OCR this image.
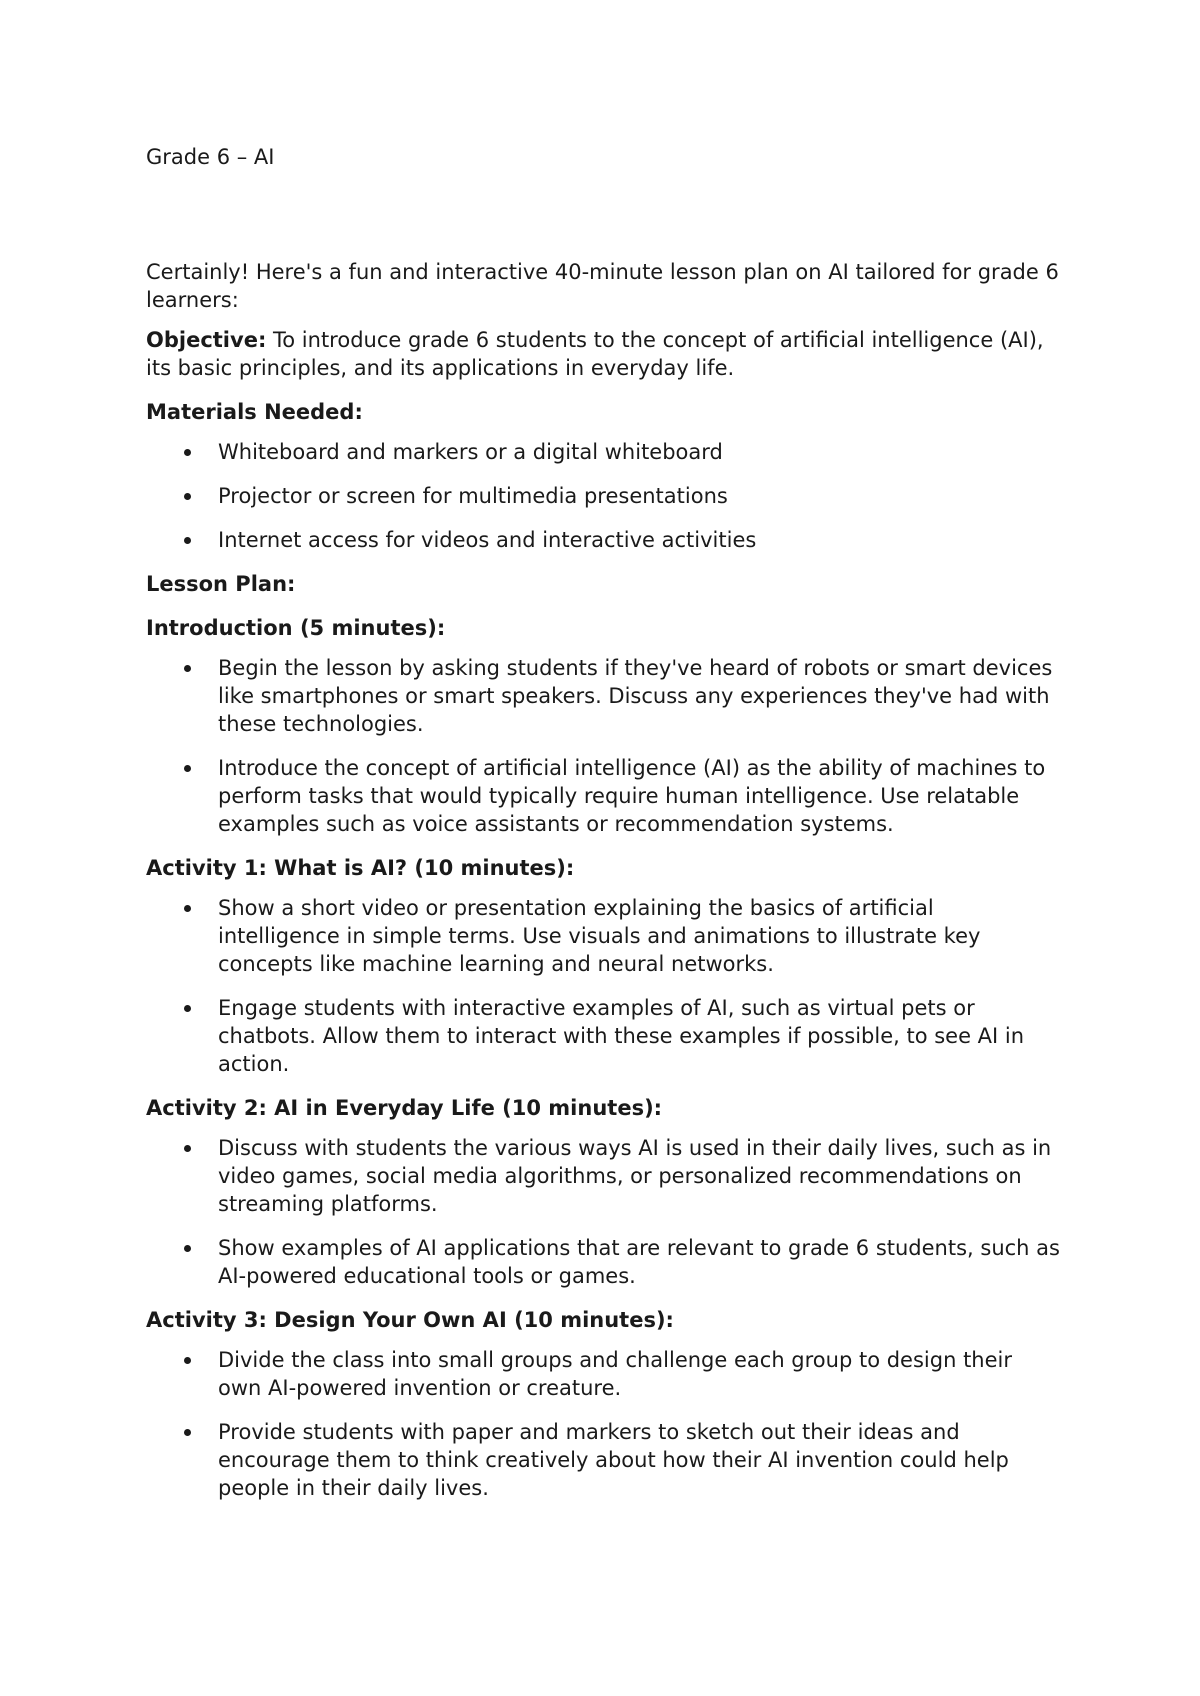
Grade 6 – AI

Certainly! Here's a fun and interactive 40-minute lesson plan on AI tailored for grade 6 learners:

Objective: To introduce grade 6 students to the concept of artificial intelligence (AI), its basic principles, and its applications in everyday life.

Materials Needed:
Whiteboard and markers or a digital whiteboard
Projector or screen for multimedia presentations
Internet access for videos and interactive activities
Lesson Plan:
Introduction (5 minutes):
Begin the lesson by asking students if they've heard of robots or smart devices like smartphones or smart speakers. Discuss any experiences they've had with these technologies.
Introduce the concept of artificial intelligence (AI) as the ability of machines to perform tasks that would typically require human intelligence. Use relatable examples such as voice assistants or recommendation systems.
Activity 1: What is AI? (10 minutes):
Show a short video or presentation explaining the basics of artificial intelligence in simple terms. Use visuals and animations to illustrate key concepts like machine learning and neural networks.
Engage students with interactive examples of AI, such as virtual pets or chatbots. Allow them to interact with these examples if possible, to see AI in action.
Activity 2: AI in Everyday Life (10 minutes):
Discuss with students the various ways AI is used in their daily lives, such as in video games, social media algorithms, or personalized recommendations on streaming platforms.
Show examples of AI applications that are relevant to grade 6 students, such as AI-powered educational tools or games.
Activity 3: Design Your Own AI (10 minutes):
Divide the class into small groups and challenge each group to design their own AI-powered invention or creature.
Provide students with paper and markers to sketch out their ideas and encourage them to think creatively about how their AI invention could help people in their daily lives.
